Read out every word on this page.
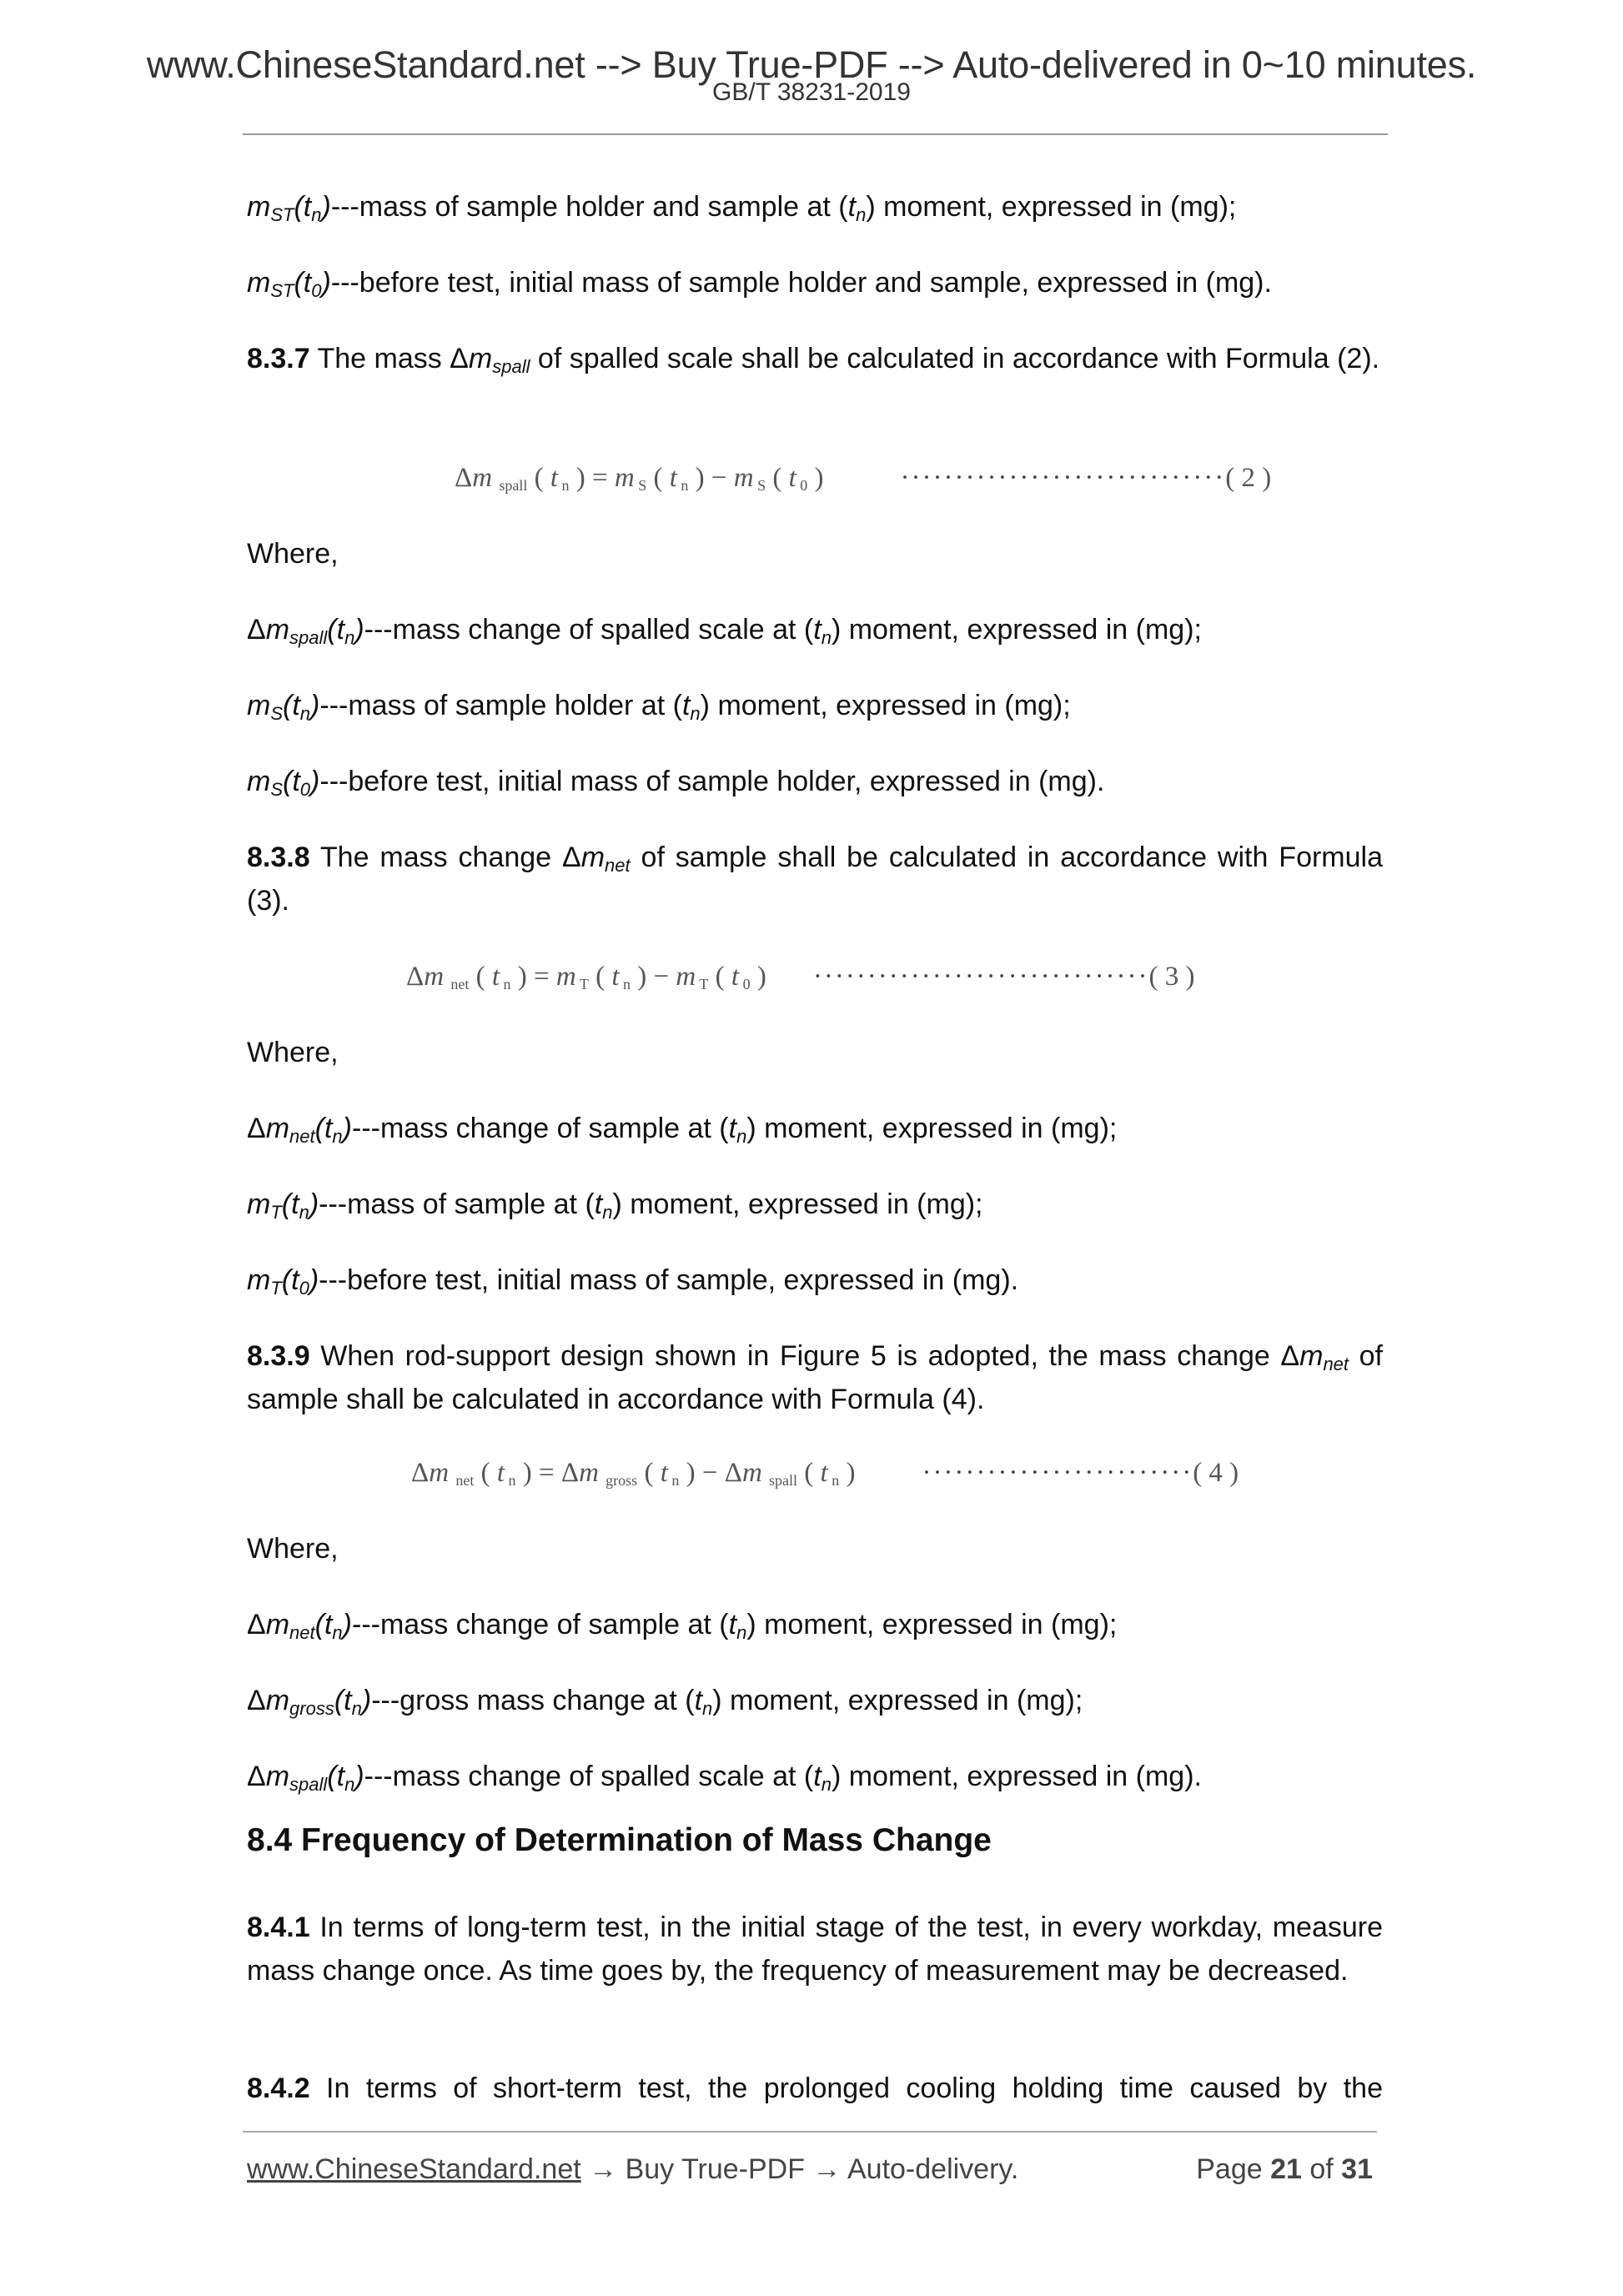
www.ChineseStandard.net --> Buy True-PDF --> Auto-delivered in 0~10 minutes.
GB/T 38231-2019

$m_{ST}(t_n)--$-mass of sample holder and sample at $(t_n)$ moment, expressed in (mg);

$m_{ST}(t_0)--$-before test, initial mass of sample holder and sample, expressed in (mg).

8.3.7 The mass $\Delta m_{spall}$ of spalled scale shall be calculated in accordance with Formula (2).

Δm $_{spall}$ ( t $_n$ ) = m $_S$ ( t $_n$ ) − m $_S$ ( t $_0$ )	······························ ( 2 )

Where,

$\Delta m_{spall}(t_n)--$-mass change of spalled scale at $(t_n)$ moment, expressed in (mg);

$m_S(t_n)--$-mass of sample holder at $(t_n)$ moment, expressed in (mg);

$m_S(t_0)--$-before test, initial mass of sample holder, expressed in (mg).

8.3.8 The mass change $\Delta m_{net}$ of sample shall be calculated in accordance with Formula (3).

Δm $_{net}$ ( t $_n$ ) = m $_T$ ( t $_n$ ) − m $_T$ ( t $_0$ ) ······························· ( 3 )

Where,

$\Delta m_{net}(t_n)--$-mass change of sample at $(t_n)$ moment, expressed in (mg);

$m_T(t_n)--$-mass of sample at $(t_n)$ moment, expressed in (mg);

$m_T(t_0)--$-before test, initial mass of sample, expressed in (mg).

8.3.9 When rod-support design shown in Figure 5 is adopted, the mass change $\Delta m_{net}$ of sample shall be calculated in accordance with Formula (4).

Δm $_{net}$ ( t $_n$ ) = Δm $_{gross}$ ( t $_n$ ) − Δm $_{spall}$ ( t $_n$ ) ························· ( 4 )

Where,

$\Delta m_{net}(t_n)--$-mass change of sample at $(t_n)$ moment, expressed in (mg);

$\Delta m_{gross}(t_n)--$-gross mass change at $(t_n)$ moment, expressed in (mg);

$\Delta m_{spall}(t_n)--$-mass change of spalled scale at $(t_n)$ moment, expressed in (mg).

8.4 Frequency of Determination of Mass Change

8.4.1 In terms of long-term test, in the initial stage of the test, in every workday, measure mass change once. As time goes by, the frequency of measurement may be decreased.

8.4.2 In terms of short-term test, the prolonged cooling holding time caused by the

www.ChineseStandard.net → Buy True-PDF → Auto-delivery.	Page 21 of 31
